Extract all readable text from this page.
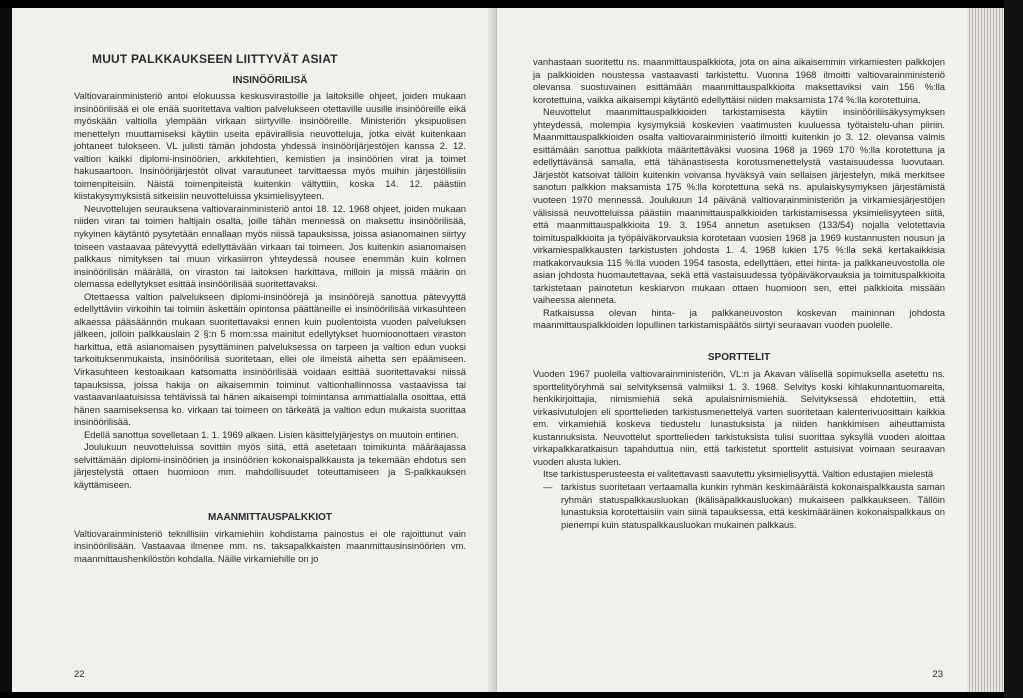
MUUT PALKKAUKSEEN LIITTYVÄT ASIAT
INSINÖÖRILISÄ

Valtiovarainministeriö antoi elokuussa keskusvirastoille ja laitoksille ohjeet, joiden mukaan insinöörilisää ei ole enää suoritettava valtion palvelukseen otettaville uusille insinööreille eikä myöskään valtiolla ylempään virkaan siirtyville insinööreille. Ministeriön yksipuolisen menettelyn muuttamiseksi käytiin useita epävirallisia neuvotteluja, jotka eivät kuitenkaan johtaneet tulokseen. VL julisti tämän johdosta yhdessä insinöörijärjestöjen kanssa 2. 12. valtion kaikki diplomi-insinöörien, arkkitehtien, kemistien ja insinöörien virat ja toimet hakusaartoon. Insinöörijärjestöt olivat varautuneet tarvittaessa myös muihin järjestöllisiin toimenpiteisiin. Näistä toimenpiteistä kuitenkin vältyttiin, koska 14. 12. päästiin kiistakysymyksistä sitkeisiin neuvotteluissa yksimielisyyteen.

Neuvottelujen seurauksena valtiovarainministeriö antoi 18. 12. 1968 ohjeet, joiden mukaan niiden viran tai toimen haltijain osalta, joille tähän mennessä on maksettu insinöörilisää, nykyinen käytäntö pysytetään ennallaan myös niissä tapauksissa, joissa asianomainen siirtyy toiseen vastaavaa pätevyyttä edellyttävään virkaan tai toimeen. Jos kuitenkin asianomaisen palkkaus nimityksen tai muun virkasiirron yhteydessä nousee enemmän kuin kolmen insinöörilisän määrällä, on viraston tai laitoksen harkittava, milloin ja missä määrin on olemassa edellytykset esittää insinöörilisää suoritettavaksi.

Otettaessa valtion palvelukseen diplomi-insinöörejä ja insinöörejä sanottua pätevyyttä edellyttäviin virkoihin tai toimiin äskettäin opintonsa päättäneille ei insinöörilisää virkasuhteen alkaessa pääsäännön mukaan suoritettavaksi ennen kuin puolentoista vuoden palveluksen jälkeen, jolloin palkkauslain 2 §:n 5 mom:ssa mainitut edellytykset huomioonottaen viraston harkittua, että asianomaisen pysyttäminen palveluksessa on tarpeen ja valtion edun vuoksi tarkoituksenmukaista, insinöörilisä suoritetaan, ellei ole ilmeistä aihetta sen epäämiseen. Virkasuhteen kestoaikaan katsomatta insinöörilisää voidaan esittää suoritettavaksi niissä tapauksissa, joissa hakija on aikaisemmin toiminut valtionhallinnossa vastaavissa tai vastaavanlaatuisissa tehtävissä tai hänen aikaisempi toimintansa ammattialalla osoittaa, että hänen saamiseksensa ko. virkaan tai toimeen on tärkeätä ja valtion edun mukaista suorittaa insinöörilisää.

Edellä sanottua sovelletaan 1. 1. 1969 alkaen. Lisien käsittelyjärjestys on muutoin entinen.

Joulukuun neuvotteluissa sovittiin myös siitä, että asetetaan toimikunta määräajassa selvittämään diplomi-insinöörien ja insinöörien kokonaispalkkausta ja tekemään ehdotus sen järjestelystä ottaen huomioon mm. mahdollisuudet toteuttamiseen ja S-palkkauksen käyttämiseen.

MAANMITTAUSPALKKIOT

Valtiovarainministeriö teknillisiin virkamiehiin kohdistama painostus ei ole rajoittunut vain insinöörilisään. Vastaavaa ilmenee mm. ns. taksapalkkaisten maanmittausinsinöörien vm. maanmittaushenkilöstön kohdalla. Näille virkamiehille on jo

22

vanhastaan suoritettu ns. maanmittauspalkkiota, jota on aina aikaisemmin virkamiesten palkkojen ja palkkioiden noustessa vastaavasti tarkistettu. Vuonna 1968 ilmoitti valtiovarainministeriö olevansa suostuvainen esittämään maanmittauspalkkioita maksettaviksi vain 156 %:lla korotettuina, vaikka aikaisempi käytäntö edellyttäisi niiden maksamista 174 %:lla korotettuina.

Neuvottelut maanmittauspalkkioiden tarkistamisesta käytiin insinööriliisäkysymyksen yhteydessä, molempia kysymyksiä koskevien vaatimusten kuuluessa työtaistelu-uhan piiriin. Maanmittauspalkkioiden osalta valtiovarainministeriö ilmoitti kuitenkin jo 3. 12. olevansa valmis esittämään sanottua palkkiota määritettäväksi vuosina 1968 ja 1969 170 %:lla korotettuna ja edellyttävänsä samalla, että tähänastisesta korotusmenettelystä vastaisuudessa luovutaan. Järjestöt katsoivat tällöin kuitenkin voivansa hyväksyä vain sellaisen järjestelyn, mikä merkitsee sanotun palkkion maksamista 175 %:lla korotettuna sekä ns. apulaiskysymyksen järjestämistä vuoteen 1970 mennessä. Joulukuun 14 päivänä valtiovarainministeriön ja virkamiesjärjestöjen välisissä neuvotteluissa päästiin maanmittauspalkkioiden tarkistamisessa yksimielisyyteen siitä, että maanmittauspalkkioita 19. 3. 1954 annetun asetuksen (133/54) nojalla velotettavia toimituspalkkioita ja työpäiväkorvauksia korotetaan vuosien 1968 ja 1969 kustannusten nousun ja virkamiespalkkausten tarkistusten johdosta 1. 4. 1968 lukien 175 %:lla sekä kertakaikkisia matkakorvauksia 115 %:lla vuoden 1954 tasosta, edellyttäen, ettei hinta- ja palkkaneuvostolla ole asian johdosta huomautettavaa, sekä että vastaisuudessa työpäiväkorvauksia ja toimituspalkkioita tarkistetaan painotetun keskiarvon mukaan ottaen huomioon sen, ettei palkkioita missään vaiheessa alenneta.

Ratkaisussa olevan hinta- ja palkkaneuvoston koskevan maininnan johdosta maanmittauspalkkioiden lopullinen tarkistamispäätös siirtyi seuraavan vuoden puolelle.

SPORTTELIT

Vuoden 1967 puolella valtiovarainministeriön, VL:n ja Akavan välisellä sopimuksella asetettu ns. sporttelityöryhmä sai selvityksensä valmiiksi 1. 3. 1968. Selvitys koski kihlakunnantuomareita, henkikirjoittajia, nimismiehiä sekä apulaisnimismiehiä. Selvityksessä ehdotettiin, että virkasivutulojen eli sporttelieden tarkistusmenettelyä varten suoritetaan kalenterivuosittain kaikkia em. virkamiehiä koskeva tiedustelu lunastuksista ja niiden hankkimisen aiheuttamista kustannuksista. Neuvottelut sporttelieden tarkistuksista tulisi suorittaa syksyllä vuoden aloittaa virkapalkkaratkaisun tapahduttua niin, että tarkistetut sporttelit astuisivat voimaan seuraavan vuoden alusta lukien.

Itse tarkistusperusteesta ei valitettavasti saavutettu yksimielisyyttä. Valtion edustajien mielestä

— tarkistus suoritetaan vertaamalla kunkin ryhmän keskimääräistä kokonaispalkkausta saman ryhmän statuspalkkausluokan (ikälisäpalkkausluokan) mukaiseen palkkaukseen. Tällöin lunastuksia korotettaisiin vain siinä tapauksessa, että keskimääräinen kokonaispalkkaus on pienempi kuin statuspalkkausluokan mukainen palkkaus.
23
